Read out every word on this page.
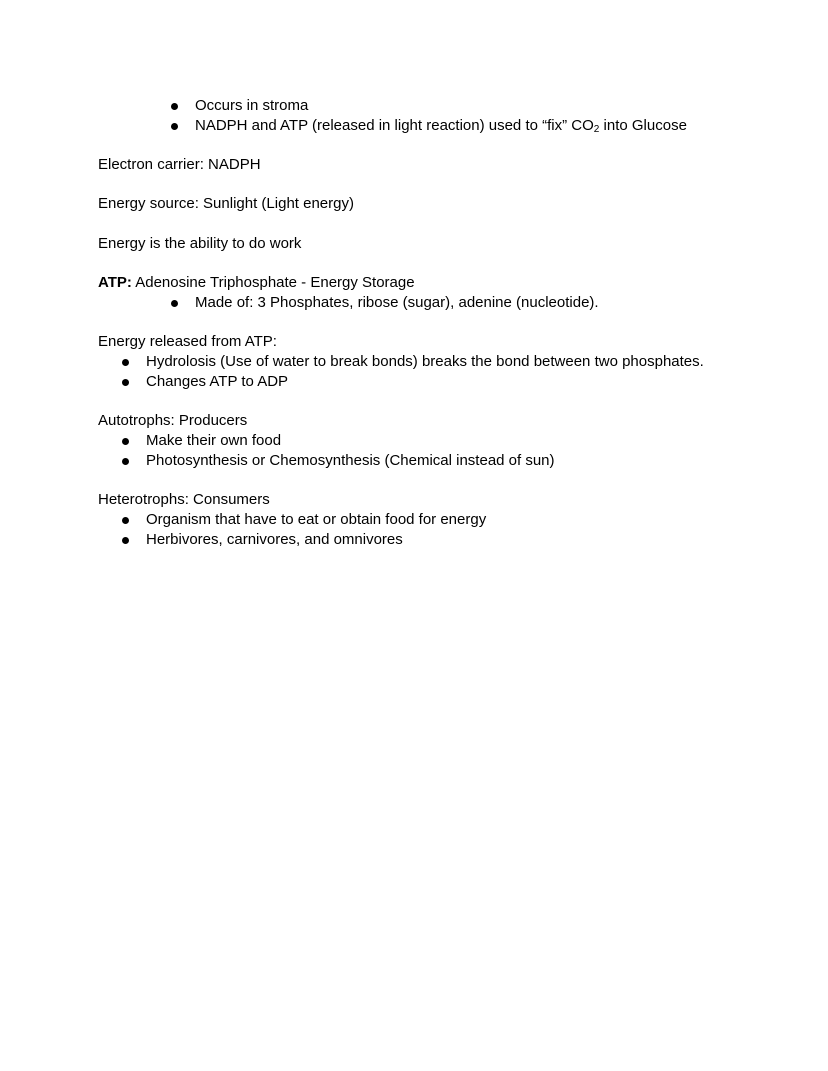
Occurs in stroma
NADPH and ATP (released in light reaction) used to “fix” $CO_2$ into Glucose
Electron carrier: NADPH
Energy source: Sunlight (Light energy)
Energy is the ability to do work
ATP: Adenosine Triphosphate - Energy Storage
Made of: 3 Phosphates, ribose (sugar), adenine (nucleotide).
Energy released from ATP:
Hydrolosis (Use of water to break bonds) breaks the bond between two phosphates.
Changes ATP to ADP
Autotrophs: Producers
Make their own food
Photosynthesis or Chemosynthesis (Chemical instead of sun)
Heterotrophs: Consumers
Organism that have to eat or obtain food for energy
Herbivores, carnivores, and omnivores
